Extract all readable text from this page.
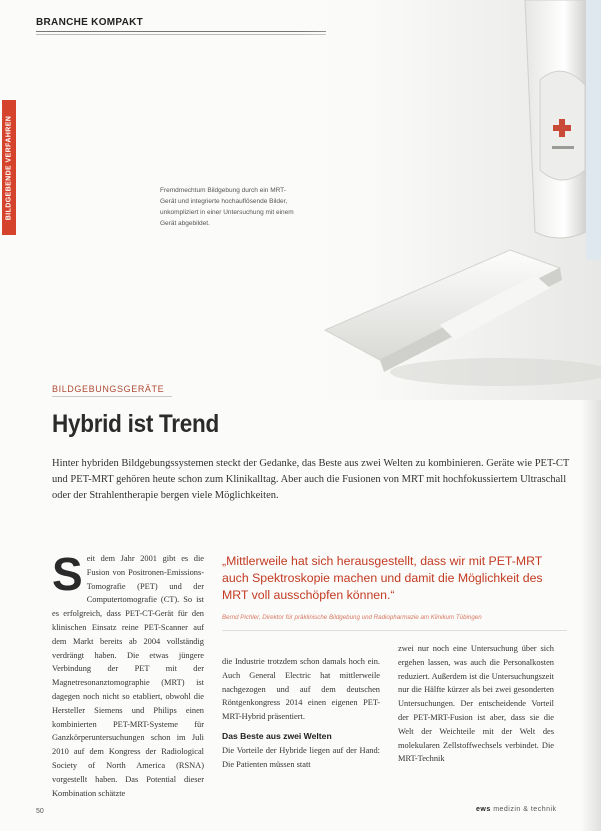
BRANCHE KOMPAKT
BILDGEBENDE VERFAHREN	Fremdmechtum Bildgebung durch ein MRT-Gerät und integrierte hochauflösende Bilder, unkompliziert in einer Untersuchung mit einem Gerät abgebildet.
BILDGEBUNGSGERÄTE
Hybrid ist Trend
Hinter hybriden Bildgebungssystemen steckt der Gedanke, das Beste aus zwei Welten zu kombinieren. Geräte wie PET-CT und PET-MRT gehören heute schon zum Klinikalltag. Aber auch die Fusionen von MRT mit hochfokussiertem Ultraschall oder der Strahlentherapie bergen viele Möglichkeiten.
S eit dem Jahr 2001 gibt es die Fusion von Positronen-Emissions-Tomografie (PET) und der Computertomografie (CT). So ist es erfolgreich, dass PET-CT-Gerät für den klinischen Einsatz reine PET-Scanner auf dem Markt bereits ab 2004 vollständig verdrängt haben. Die etwas jüngere Verbindung der PET mit der Magnetresonanztomographie (MRT) ist dagegen noch nicht so etabliert, obwohl die Hersteller Siemens und Philips einen kombinierten PET-MRT-Systeme für Ganzkörperuntersuchungen schon im Juli 2010 auf dem Kongress der Radiological Society of North America (RSNA) vorgestellt haben. Das Potential dieser Kombination schätzte
„Mittlerweile hat sich herausgestellt, dass wir mit PET-MRT auch Spektroskopie machen und damit die Möglichkeit des MRT voll ausschöpfen können.“
Bernd Pichler, Direktor für präklinische Bildgebung und Radiopharmazie am Klinikum Tübingen
die Industrie trotzdem schon damals hoch ein. Auch General Electric hat mittlerweile nachgezogen und auf dem deutschen Röntgenkongress 2014 einen eigenen PET-MRT-Hybrid präsentiert.
Das Beste aus zwei Welten
Die Vorteile der Hybride liegen auf der Hand: Die Patienten müssen statt
zwei nur noch eine Untersuchung über sich ergehen lassen, was auch die Personalkosten reduziert. Außerdem ist die Untersuchungszeit nur die Hälfte kürzer als bei zwei gesonderten Untersuchungen. Der entscheidende Vorteil der PET-MRT-Fusion ist aber, dass sie die Welt der Weichteile mit der Welt des molekularen Zellstoffwechsels verbindet. Die MRT-Technik
50	ews medizin & technik
